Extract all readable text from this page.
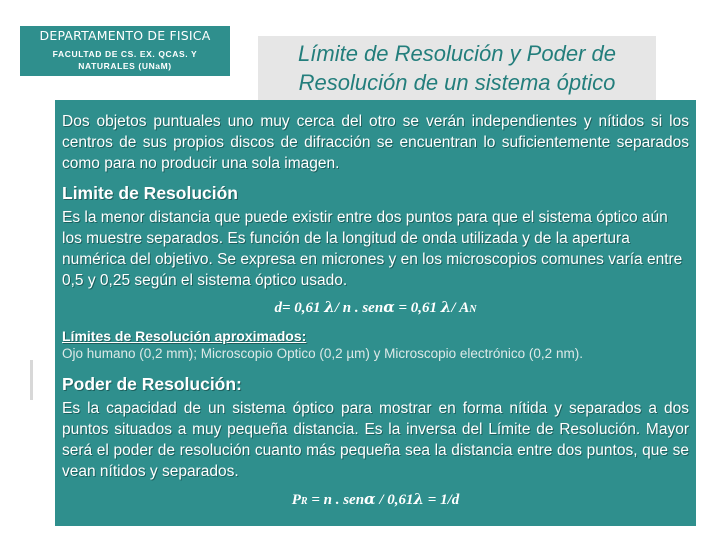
DEPARTAMENTO DE FISICA
FACULTAD DE CS. EX. QCAS. Y
NATURALES (UNaM)	Límite de Resolución y Poder de
Resolución de un sistema óptico
Dos objetos puntuales uno muy cerca del otro se verán independientes y nítidos si los centros de sus propios discos de difracción se encuentran lo suficientemente separados como para no producir una sola imagen.
Limite de Resolución
Es la menor distancia que puede existir entre dos puntos para que el sistema óptico aún los muestre separados. Es función de la longitud de onda utilizada y de la apertura numérica del objetivo. Se expresa en micrones y en los microscopios comunes varía entre 0,5 y 0,25 según el sistema óptico usado.
d= 0,61 λ/ n . senα = 0,61 λ/ AN
Límites de Resolución aproximados:
Ojo humano (0,2 mm); Microscopio Optico (0,2 µm) y Microscopio electrónico (0,2 nm).
Poder de Resolución:
Es la capacidad de un sistema óptico para mostrar en forma nítida y separados a dos puntos situados a muy pequeña distancia. Es la inversa del Límite de Resolución. Mayor será el poder de resolución cuanto más pequeña sea la distancia entre dos puntos, que se vean nítidos y separados.
PR = n . senα / 0,61λ = 1/d
